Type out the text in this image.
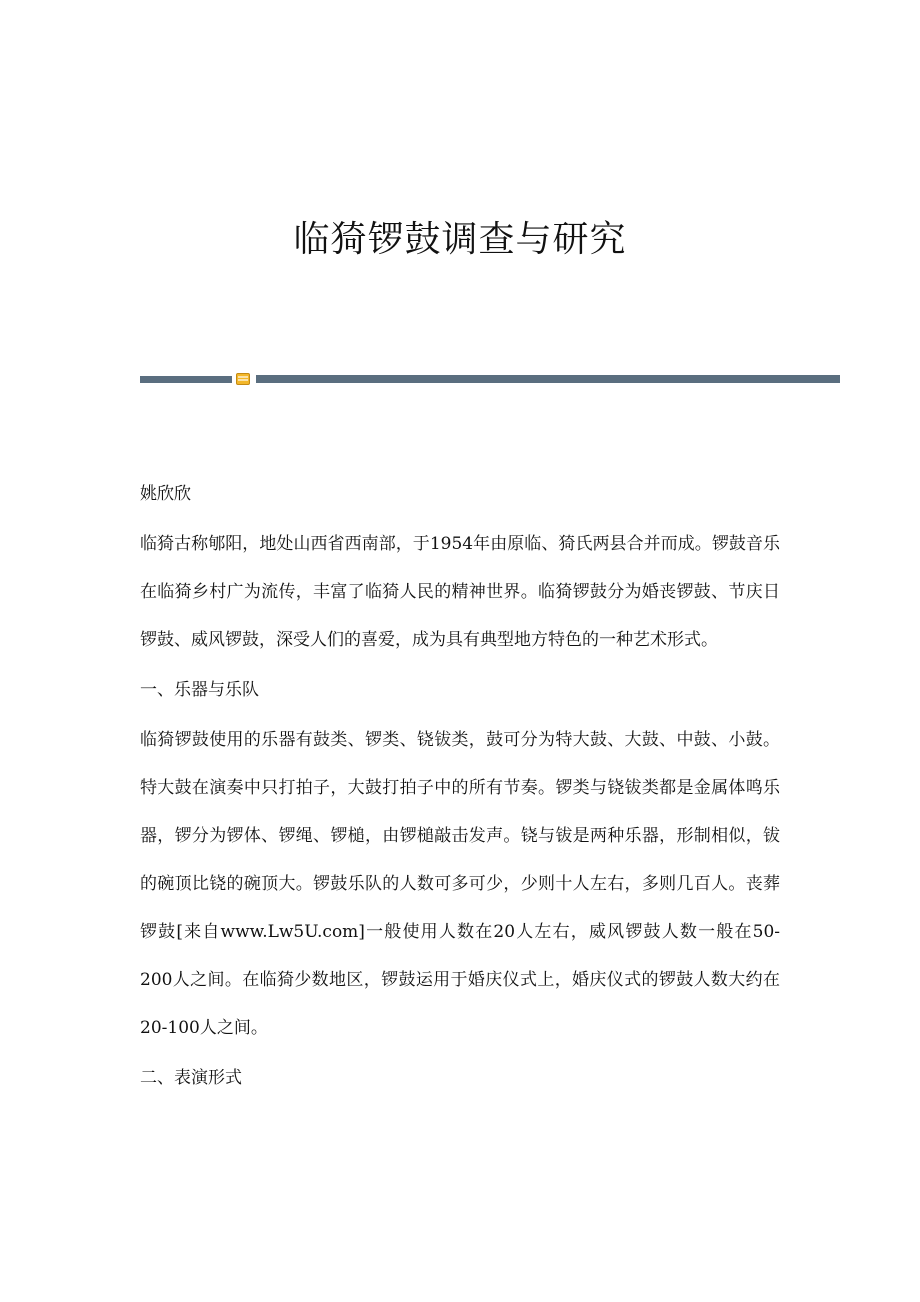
临猗锣鼓调查与研究

姚欣欣

临猗古称郇阳，地处山西省西南部，于1954年由原临、猗氏两县合并而成。锣鼓音乐在临猗乡村广为流传，丰富了临猗人民的精神世界。临猗锣鼓分为婚丧锣鼓、节庆日锣鼓、威风锣鼓，深受人们的喜爱，成为具有典型地方特色的一种艺术形式。

一、乐器与乐队

临猗锣鼓使用的乐器有鼓类、锣类、铙钹类，鼓可分为特大鼓、大鼓、中鼓、小鼓。特大鼓在演奏中只打拍子，大鼓打拍子中的所有节奏。锣类与铙钹类都是金属体鸣乐器，锣分为锣体、锣绳、锣槌，由锣槌敲击发声。铙与钹是两种乐器，形制相似，钹的碗顶比铙的碗顶大。锣鼓乐队的人数可多可少，少则十人左右，多则几百人。丧葬锣鼓[来自www.Lw5U.com]一般使用人数在20人左右，威风锣鼓人数一般在50-200人之间。在临猗少数地区，锣鼓运用于婚庆仪式上，婚庆仪式的锣鼓人数大约在20-100人之间。

二、表演形式
